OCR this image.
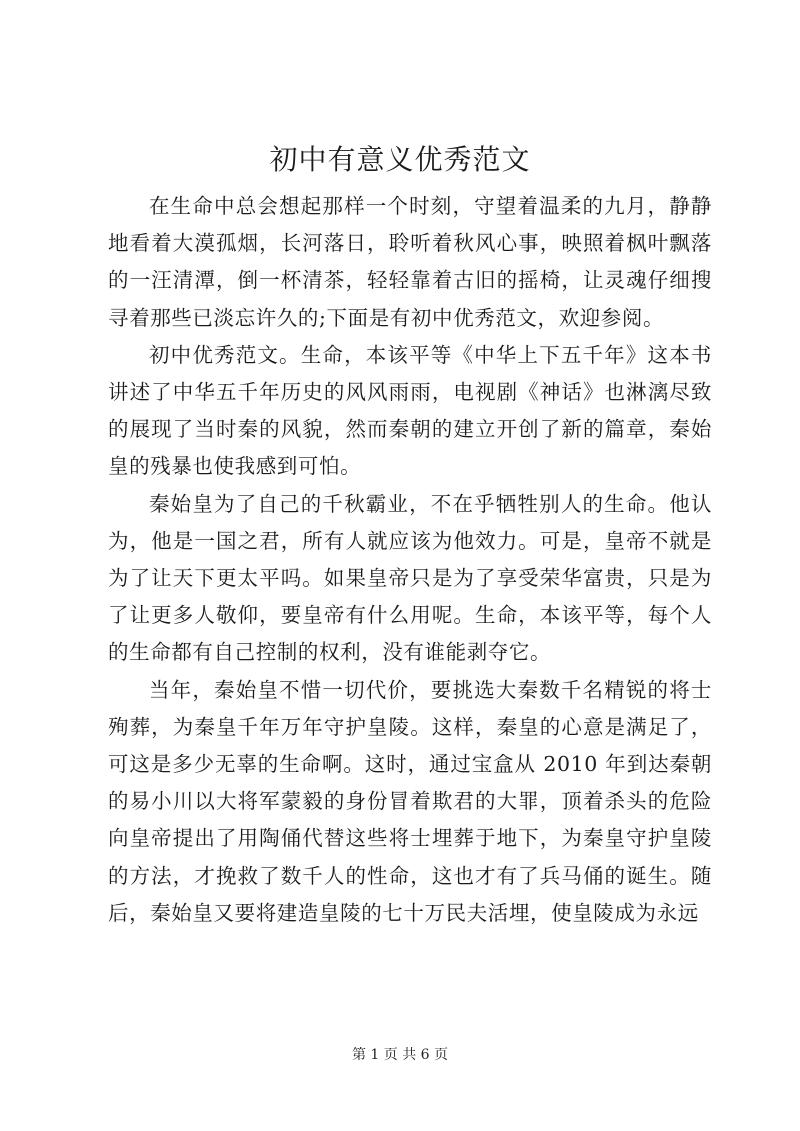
初中有意义优秀范文

在生命中总会想起那样一个时刻，守望着温柔的九月，静静地看着大漠孤烟，长河落日，聆听着秋风心事，映照着枫叶飘落的一汪清潭，倒一杯清茶，轻轻靠着古旧的摇椅，让灵魂仔细搜寻着那些已淡忘许久的;下面是有初中优秀范文，欢迎参阅。

初中优秀范文。生命，本该平等《中华上下五千年》这本书讲述了中华五千年历史的风风雨雨，电视剧《神话》也淋漓尽致的展现了当时秦的风貌，然而秦朝的建立开创了新的篇章，秦始皇的残暴也使我感到可怕。

秦始皇为了自己的千秋霸业，不在乎牺牲别人的生命。他认为，他是一国之君，所有人就应该为他效力。可是，皇帝不就是为了让天下更太平吗。如果皇帝只是为了享受荣华富贵，只是为了让更多人敬仰，要皇帝有什么用呢。生命，本该平等，每个人的生命都有自己控制的权利，没有谁能剥夺它。

当年，秦始皇不惜一切代价，要挑选大秦数千名精锐的将士殉葬，为秦皇千年万年守护皇陵。这样，秦皇的心意是满足了，可这是多少无辜的生命啊。这时，通过宝盒从 2010 年到达秦朝的易小川以大将军蒙毅的身份冒着欺君的大罪，顶着杀头的危险向皇帝提出了用陶俑代替这些将士埋葬于地下，为秦皇守护皇陵的方法，才挽救了数千人的性命，这也才有了兵马俑的诞生。随后，秦始皇又要将建造皇陵的七十万民夫活埋，使皇陵成为永远

第 1 页 共 6 页
